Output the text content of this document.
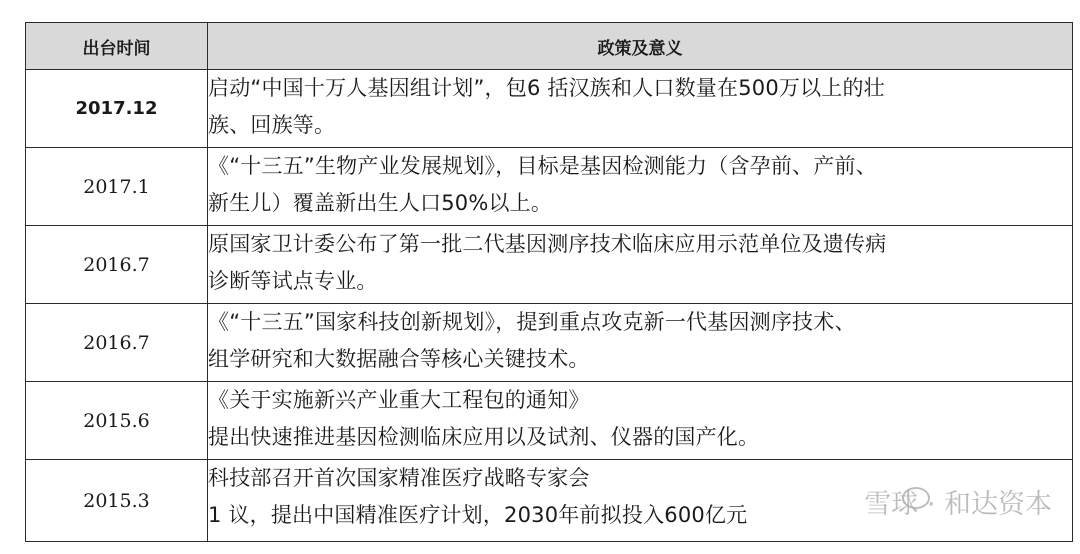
出台时间	政策及意义
2017.12	启动“中国十万人基因组计划”，包6 括汉族和人口数量在500万以上的壮
族、回族等。

2017.1	《“十三五”生物产业发展规划》，目标是基因检测能力（含孕前、产前、
新生儿）覆盖新出生人口50%以上。

2016.7	原国家卫计委公布了第一批二代基因测序技术临床应用示范单位及遗传病
诊断等试点专业。

2016.7	《“十三五”国家科技创新规划》，提到重点攻克新一代基因测序技术、
组学研究和大数据融合等核心关键技术。

2015.6	《关于实施新兴产业重大工程包的通知》
提出快速推进基因检测临床应用以及试剂、仪器的国产化。

2015.3	科技部召开首次国家精准医疗战略专家会
1 议，提出中国精准医疗计划，2030年前拟投入600亿元	雪球 · 和达资本
